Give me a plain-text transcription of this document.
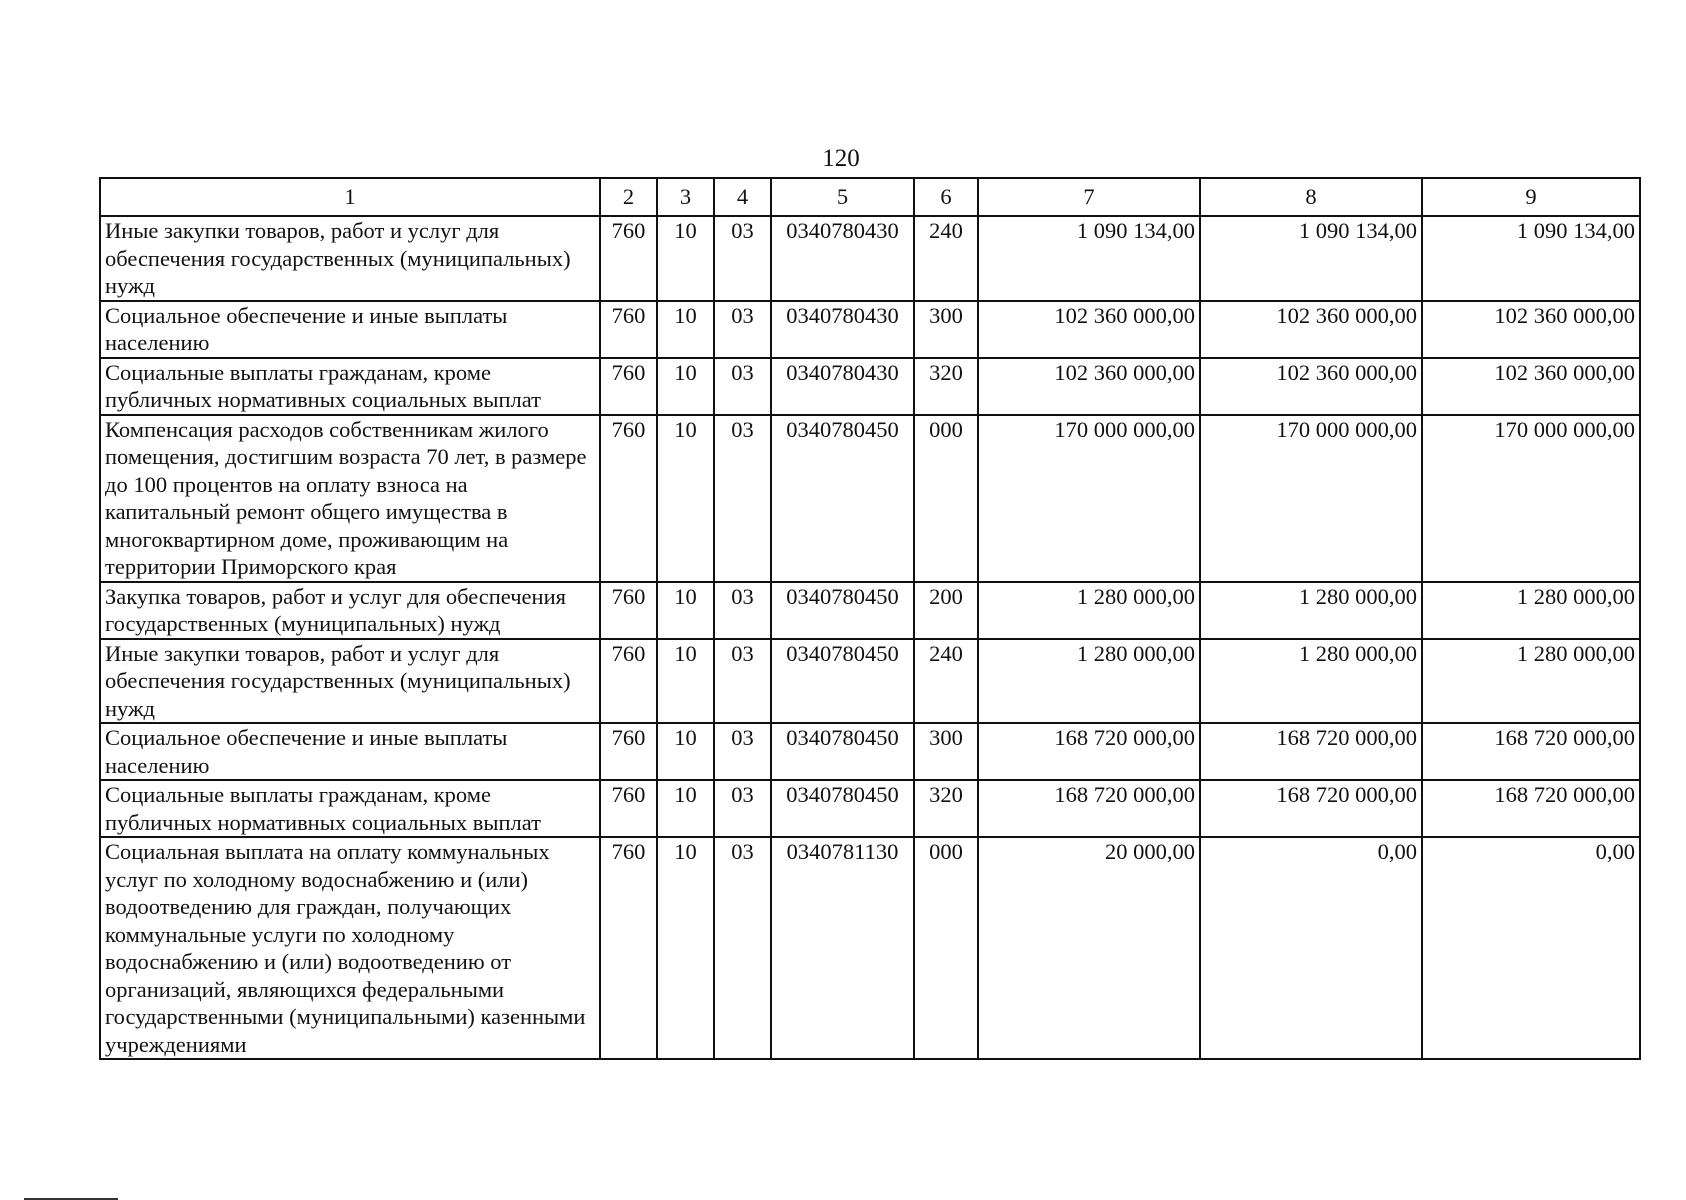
120
1	2	3	4	5	6	7	8	9
Иные закупки товаров, работ и услуг для обеспечения государственных (муниципальных) нужд	760	10	03	0340780430	240	1 090 134,00	1 090 134,00	1 090 134,00
Социальное обеспечение и иные выплаты населению	760	10	03	0340780430	300	102 360 000,00	102 360 000,00	102 360 000,00
Социальные выплаты гражданам, кроме публичных нормативных социальных выплат	760	10	03	0340780430	320	102 360 000,00	102 360 000,00	102 360 000,00
Компенсация расходов собственникам жилого помещения, достигшим возраста 70 лет, в размере до 100 процентов на оплату взноса на капитальный ремонт общего имущества в многоквартирном доме, проживающим на территории Приморского края	760	10	03	0340780450	000	170 000 000,00	170 000 000,00	170 000 000,00
Закупка товаров, работ и услуг для обеспечения государственных (муниципальных) нужд	760	10	03	0340780450	200	1 280 000,00	1 280 000,00	1 280 000,00
Иные закупки товаров, работ и услуг для обеспечения государственных (муниципальных) нужд	760	10	03	0340780450	240	1 280 000,00	1 280 000,00	1 280 000,00
Социальное обеспечение и иные выплаты населению	760	10	03	0340780450	300	168 720 000,00	168 720 000,00	168 720 000,00
Социальные выплаты гражданам, кроме публичных нормативных социальных выплат	760	10	03	0340780450	320	168 720 000,00	168 720 000,00	168 720 000,00
Социальная выплата на оплату коммунальных услуг по холодному водоснабжению и (или) водоотведению для граждан, получающих коммунальные услуги по холодному водоснабжению и (или) водоотведению от организаций, являющихся федеральными государственными (муниципальными) казенными учреждениями	760	10	03	0340781130	000	20 000,00	0,00	0,00
